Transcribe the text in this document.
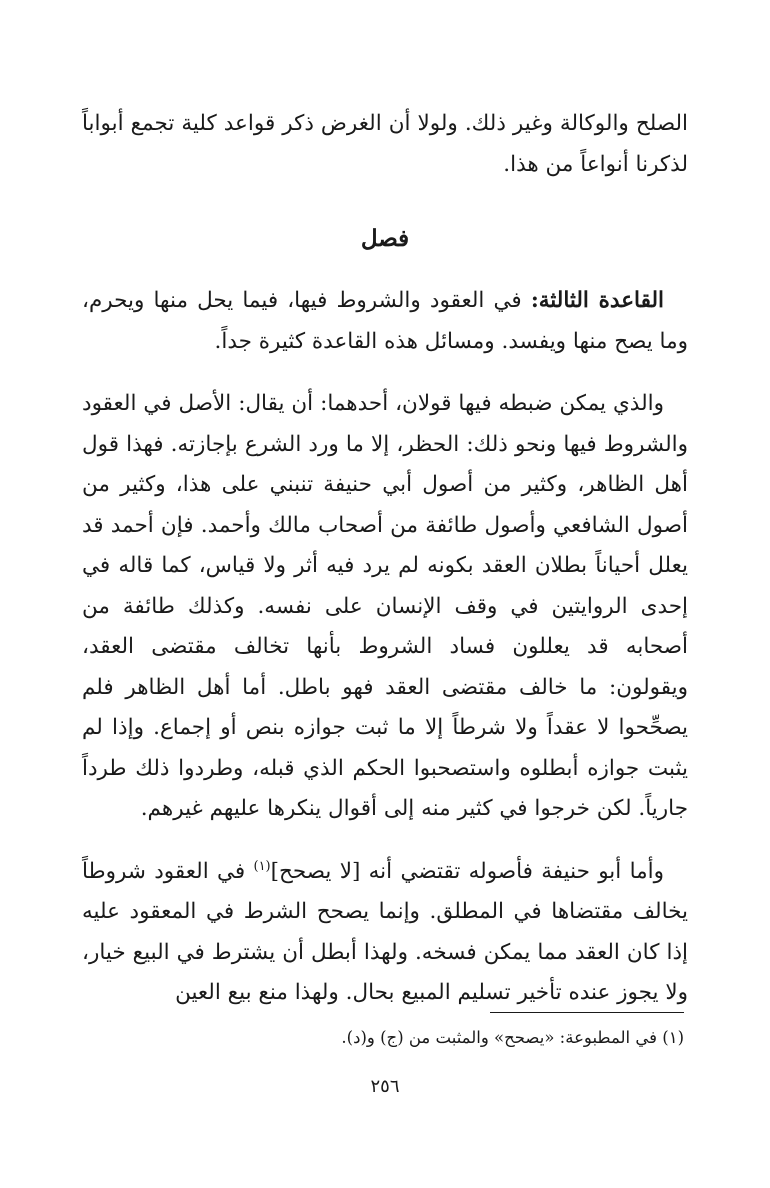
الصلح والوكالة وغير ذلك. ولولا أن الغرض ذكر قواعد كلية تجمع أبواباً لذكرنا أنواعاً من هذا.

فصل

القاعدة الثالثة: في العقود والشروط فيها، فيما يحل منها ويحرم، وما يصح منها ويفسد. ومسائل هذه القاعدة كثيرة جداً.

والذي يمكن ضبطه فيها قولان، أحدهما: أن يقال: الأصل في العقود والشروط فيها ونحو ذلك: الحظر، إلا ما ورد الشرع بإجازته. فهذا قول أهل الظاهر، وكثير من أصول أبي حنيفة تنبني على هذا، وكثير من أصول الشافعي وأصول طائفة من أصحاب مالك وأحمد. فإن أحمد قد يعلل أحياناً بطلان العقد بكونه لم يرد فيه أثر ولا قياس، كما قاله في إحدى الروايتين في وقف الإنسان على نفسه. وكذلك طائفة من أصحابه قد يعللون فساد الشروط بأنها تخالف مقتضى العقد، ويقولون: ما خالف مقتضى العقد فهو باطل. أما أهل الظاهر فلم يصحِّحوا لا عقداً ولا شرطاً إلا ما ثبت جوازه بنص أو إجماع. وإذا لم يثبت جوازه أبطلوه واستصحبوا الحكم الذي قبله، وطردوا ذلك طرداً جارياً. لكن خرجوا في كثير منه إلى أقوال ينكرها عليهم غيرهم.

وأما أبو حنيفة فأصوله تقتضي أنه [لا يصحح]$^{(١)}$ في العقود شروطاً يخالف مقتضاها في المطلق. وإنما يصحح الشرط في المعقود عليه إذا كان العقد مما يمكن فسخه. ولهذا أبطل أن يشترط في البيع خيار، ولا يجوز عنده تأخير تسليم المبيع بحال. ولهذا منع بيع العين

(١) في المطبوعة: «يصحح» والمثبت من (ج) و(د).
٢٥٦
